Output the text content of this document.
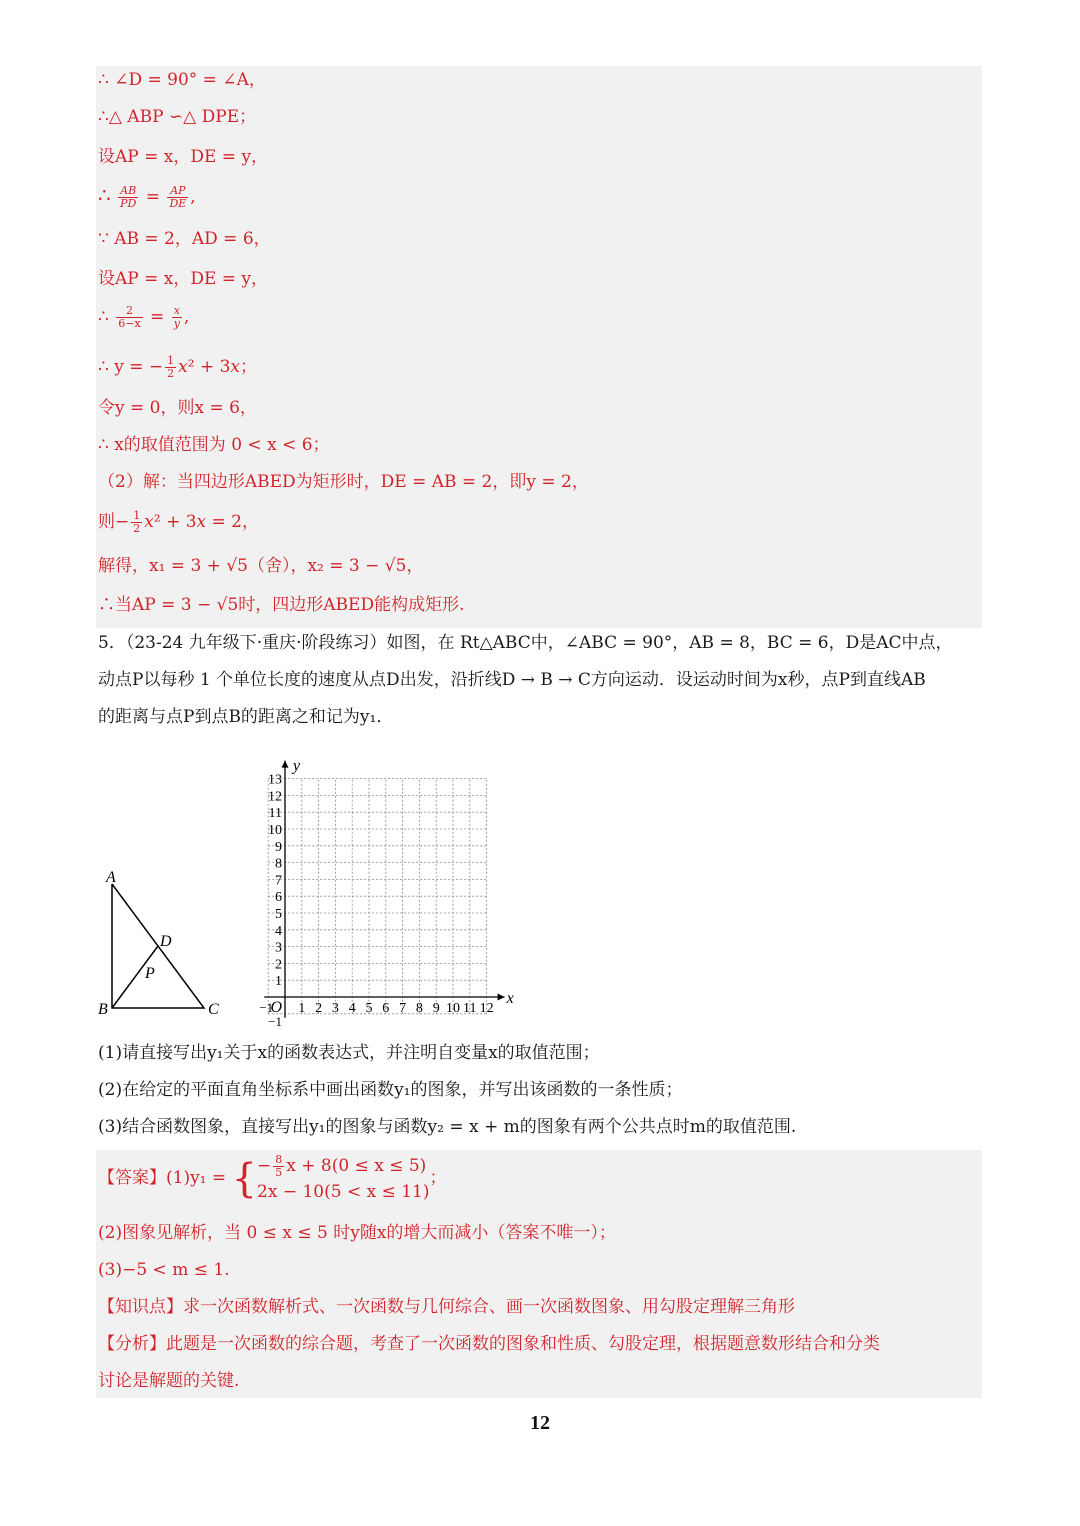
∴ ∠D = 90° = ∠A，
∴△ ABP ∽△ DPE；
设AP = x，DE = y，
∴ $\frac{AB}{PD} = \frac{AP}{DE}$ ,
∵ AB = 2，AD = 6，
设AP = x，DE = y，
∴ $\frac{2}{6-x} = \frac{x}{y}$ ,
∴ y = − $\frac{1}{2} x^2 + 3x$；
令y = 0，则x = 6，
∴ x的取值范围为 0 < x < 6；
（2）解：当四边形ABED为矩形时，DE = AB = 2，即y = 2，
则− $\frac{1}{2} x^2 + 3x = 2$，
解得，x₁ = 3 + √5（舍），x₂ = 3 − √5，
∴当AP = 3 − √5时，四边形ABED能构成矩形.
5．（23-24 九年级下·重庆·阶段练习）如图，在 Rt△ABC中，∠ABC = 90°，AB = 8，BC = 6，D是AC中点，
动点P以每秒 1 个单位长度的速度从点D出发，沿折线D → B → C方向运动．设运动时间为x秒，点P到直线AB
的距离与点P到点B的距离之和记为y₁．
A
B	C
D
P
1 2 3 4 5 6 7 8 9 10 11 12
1
2
3
4
5
6
7
8
9
10
11
12
13
O
−1
−1
x
y
(1)请直接写出y₁关于x的函数表达式，并注明自变量x的取值范围；
(2)在给定的平面直角坐标系中画出函数y₁的图象，并写出该函数的一条性质；
(3)结合函数图象，直接写出y₁的图象与函数y₂ = x + m的图象有两个公共点时m的取值范围.
【答案】(1)y₁ = { − $\frac{8}{5}$ x + 8(0 ≤ x ≤ 5)
2x − 10(5 < x ≤ 11)
；
(2)图象见解析，当 0 ≤ x ≤ 5 时y随x的增大而减小（答案不唯一）；
(3)−5 < m ≤ 1.
【知识点】求一次函数解析式、一次函数与几何综合、画一次函数图象、用勾股定理解三角形
【分析】此题是一次函数的综合题，考查了一次函数的图象和性质、勾股定理，根据题意数形结合和分类
讨论是解题的关键.
12
